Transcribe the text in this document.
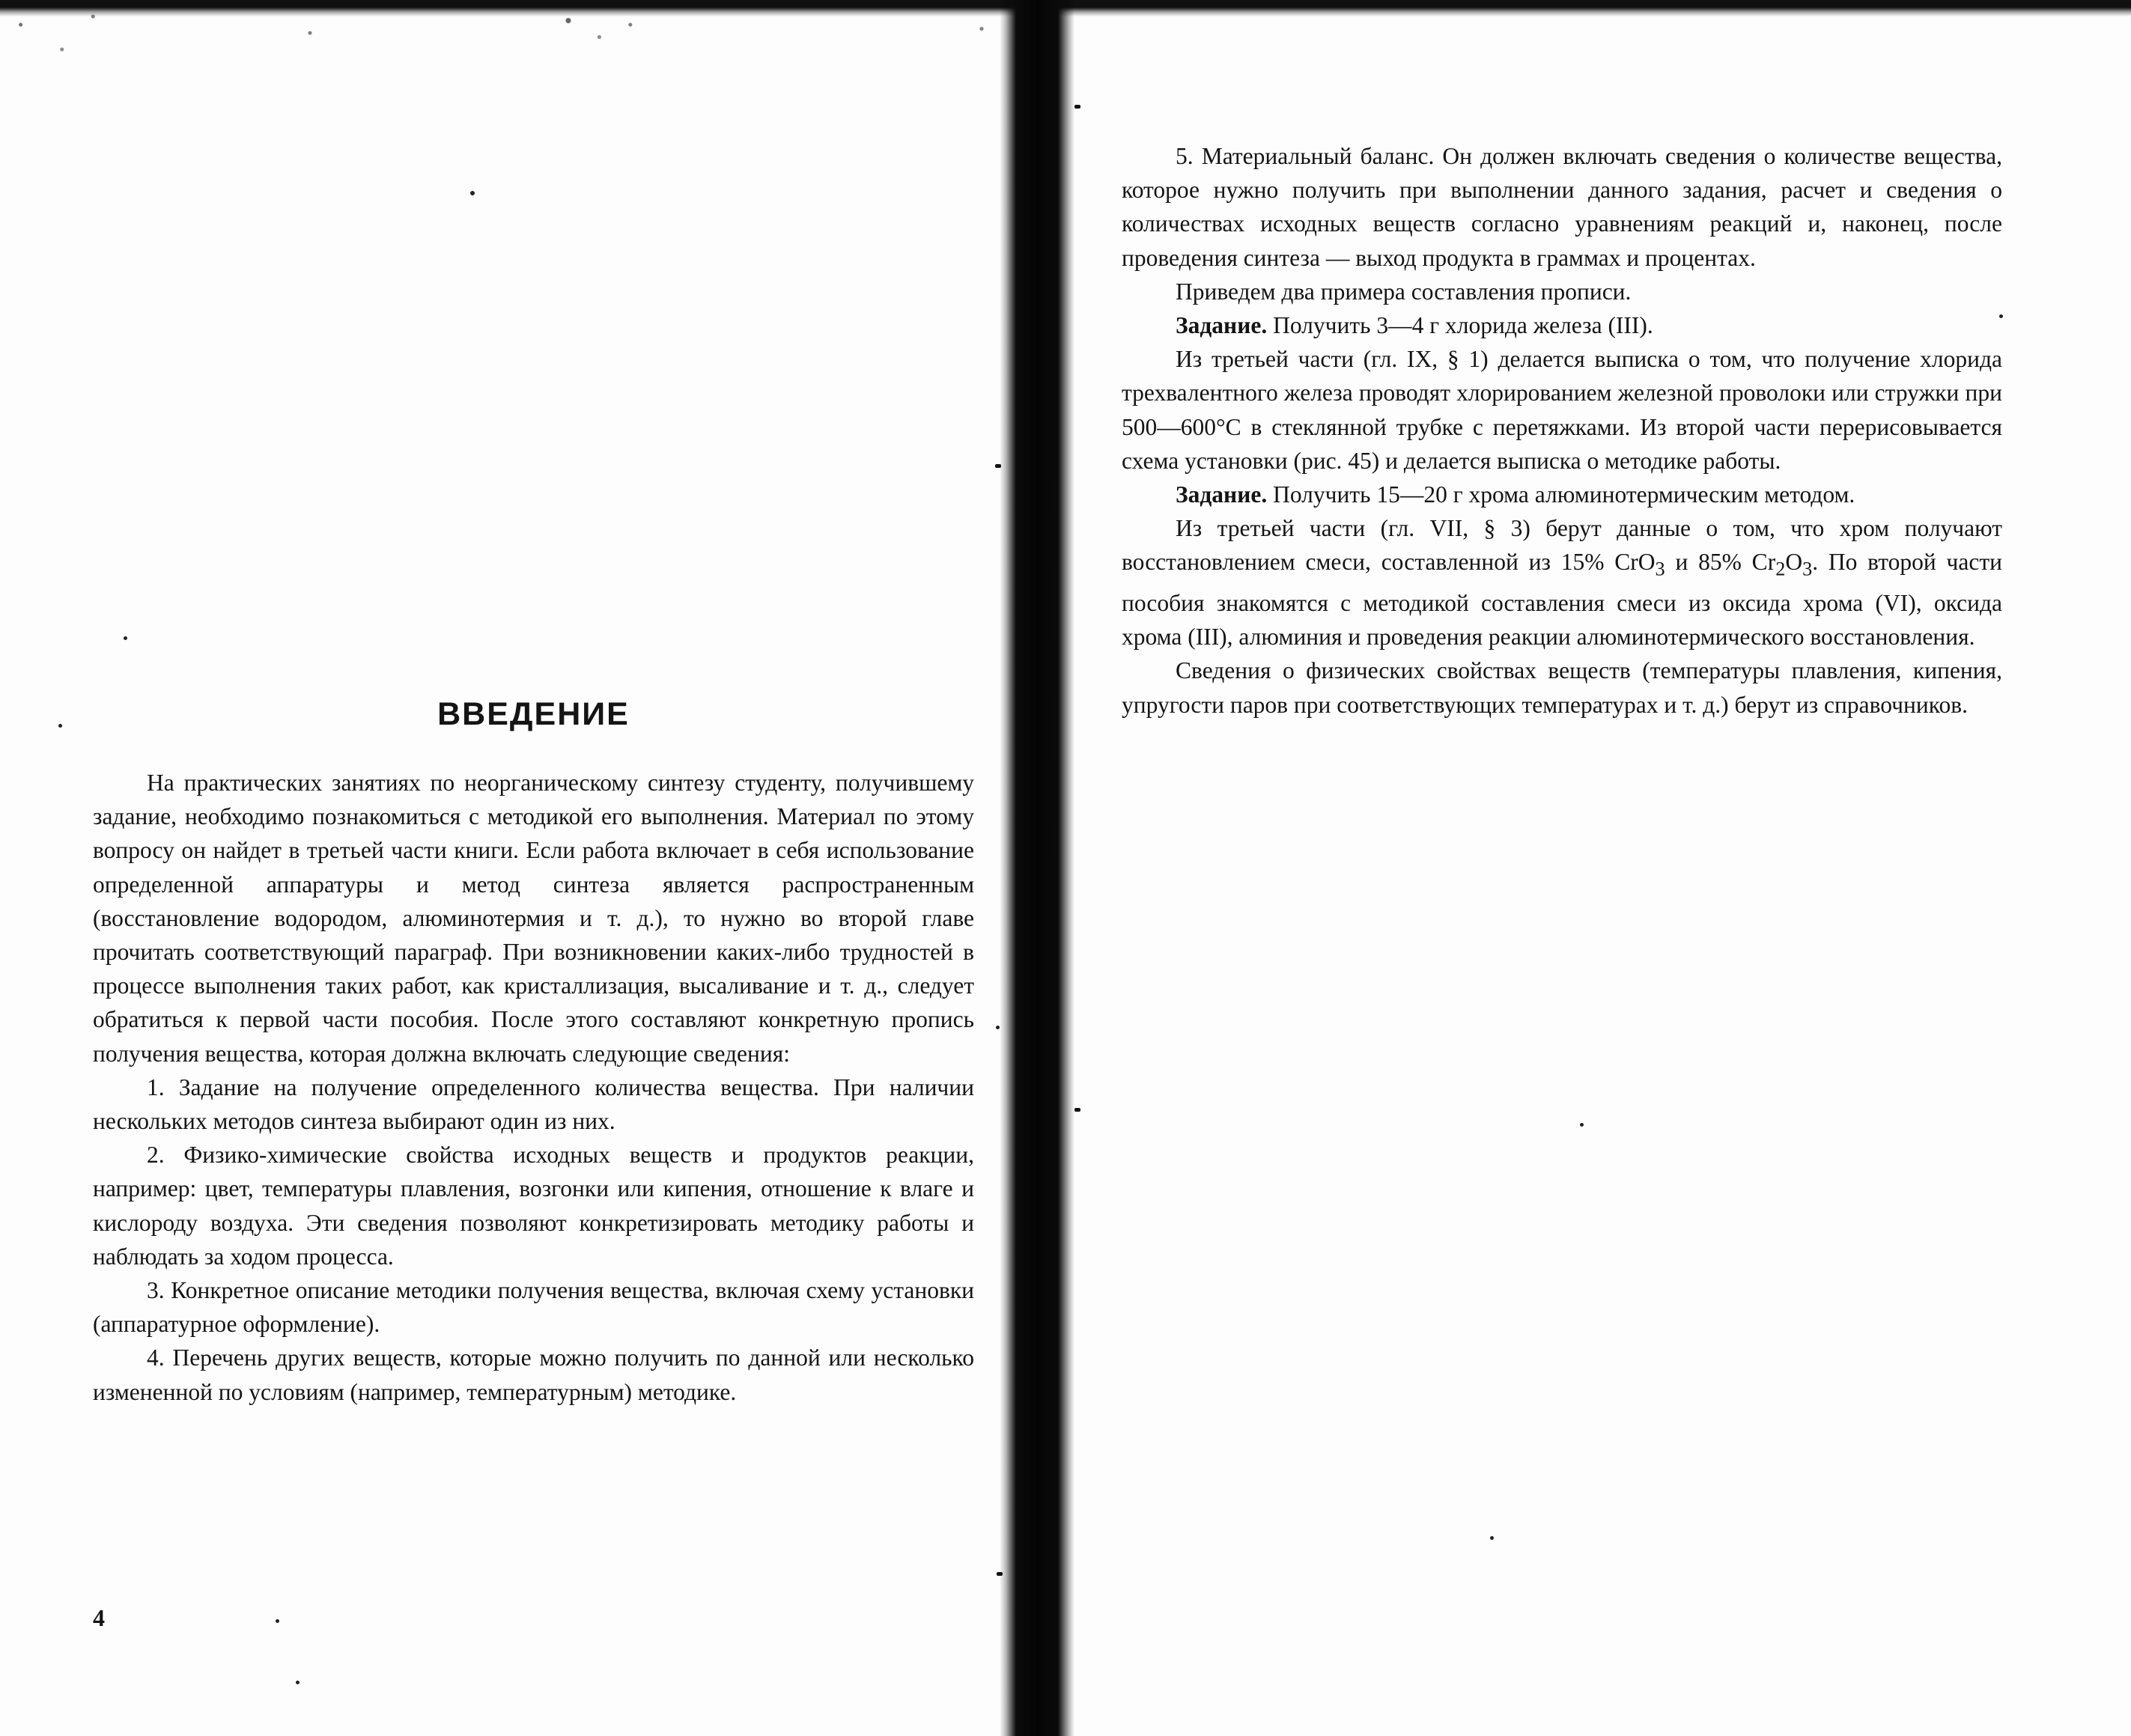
ВВЕДЕНИЕ

На практических занятиях по неорганическому синтезу студенту, получившему задание, необходимо познакомиться с методикой его выполнения. Материал по этому вопросу он найдет в третьей части книги. Если работа включает в себя использование определенной аппаратуры и метод синтеза является распространенным (восстановление водородом, алюминотермия и т. д.), то нужно во второй главе прочитать соответствующий параграф. При возникновении каких-либо трудностей в процессе выполнения таких работ, как кристаллизация, высаливание и т. д., следует обратиться к первой части пособия. После этого составляют конкретную пропись получения вещества, которая должна включать следующие сведения:

1. Задание на получение определенного количества вещества. При наличии нескольких методов синтеза выбирают один из них.

2. Физико-химические свойства исходных веществ и продуктов реакции, например: цвет, температуры плавления, возгонки или кипения, отношение к влаге и кислороду воздуха. Эти сведения позволяют конкретизировать методику работы и наблюдать за ходом процесса.

3. Конкретное описание методики получения вещества, включая схему установки (аппаратурное оформление).

4. Перечень других веществ, которые можно получить по данной или несколько измененной по условиям (например, температурным) методике.

4

5. Материальный баланс. Он должен включать сведения о количестве вещества, которое нужно получить при выполнении данного задания, расчет и сведения о количествах исходных веществ согласно уравнениям реакций и, наконец, после проведения синтеза — выход продукта в граммах и процентах.

Приведем два примера составления прописи.

Задание. Получить 3—4 г хлорида железа (III).

Из третьей части (гл. IX, § 1) делается выписка о том, что получение хлорида трехвалентного железа проводят хлорированием железной проволоки или стружки при 500—600°С в стеклянной трубке с перетяжками. Из второй части перерисовывается схема установки (рис. 45) и делается выписка о методике работы.

Задание. Получить 15—20 г хрома алюминотермическим методом.

Из третьей части (гл. VII, § 3) берут данные о том, что хром получают восстановлением смеси, составленной из 15% CrO$_3$ и 85% $Cr_2O_3$. По второй части пособия знакомятся с методикой составления смеси из оксида хрома (VI), оксида хрома (III), алюминия и проведения реакции алюминотермического восстановления.

Сведения о физических свойствах веществ (температуры плавления, кипения, упругости паров при соответствующих температурах и т. д.) берут из справочников.
